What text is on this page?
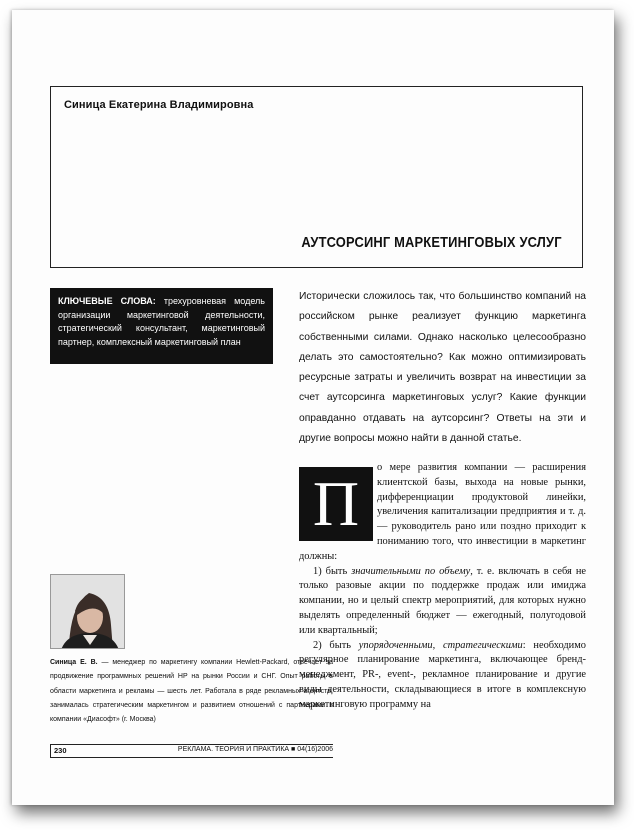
Синица Екатерина Владимировна
АУТСОРСИНГ МАРКЕТИНГОВЫХ УСЛУГ
КЛЮЧЕВЫЕ СЛОВА: трехуровневая модель организации маркетинговой деятельности, стратегический консультант, маркетинговый партнер, комплексный маркетинговый план
Исторически сложилось так, что большинство компаний на российском рынке реализует функцию маркетинга собственными силами. Однако насколько целесообразно делать это самостоятельно? Как можно оптимизировать ресурсные затраты и увеличить возврат на инвестиции за счет аутсорсинга маркетинговых услуг? Какие функции оправданно отдавать на аутсорсинг? Ответы на эти и другие вопросы можно найти в данной статье.
П

о мере развития компании — расширения клиентской базы, выхода на новые рынки, дифференциации продуктовой линейки, увеличения капитализации предприятия и т. д. — руководитель рано или поздно приходит к пониманию того, что инвестиции в маркетинг должны:

1) быть значительными по объему, т. е. включать в себя не только разовые акции по поддержке продаж или имиджа компании, но и целый спектр мероприятий, для которых нужно выделять определенный бюджет — ежегодный, полугодовой или квартальный;

2) быть упорядоченными, стратегическими: необходимо регулярное планирование маркетинга, включающее бренд-менеджмент, PR-, event-, рекламное планирование и другие виды деятельности, складывающиеся в итоге в комплексную маркетинговую программу на

Синица Е. В. — менеджер по маркетингу компании Hewlett-Packard, отвечает за продвижение программных решений HP на рынки России и СНГ. Опыт работы в области маркетинга и рекламы — шесть лет. Работала в ряде рекламных агентств, занималась стратегическим маркетингом и развитием отношений с партнерами в компании «Диасофт» (г. Москва)
230	РЕКЛАМА. ТЕОРИЯ И ПРАКТИКА ■ 04(16)2006
